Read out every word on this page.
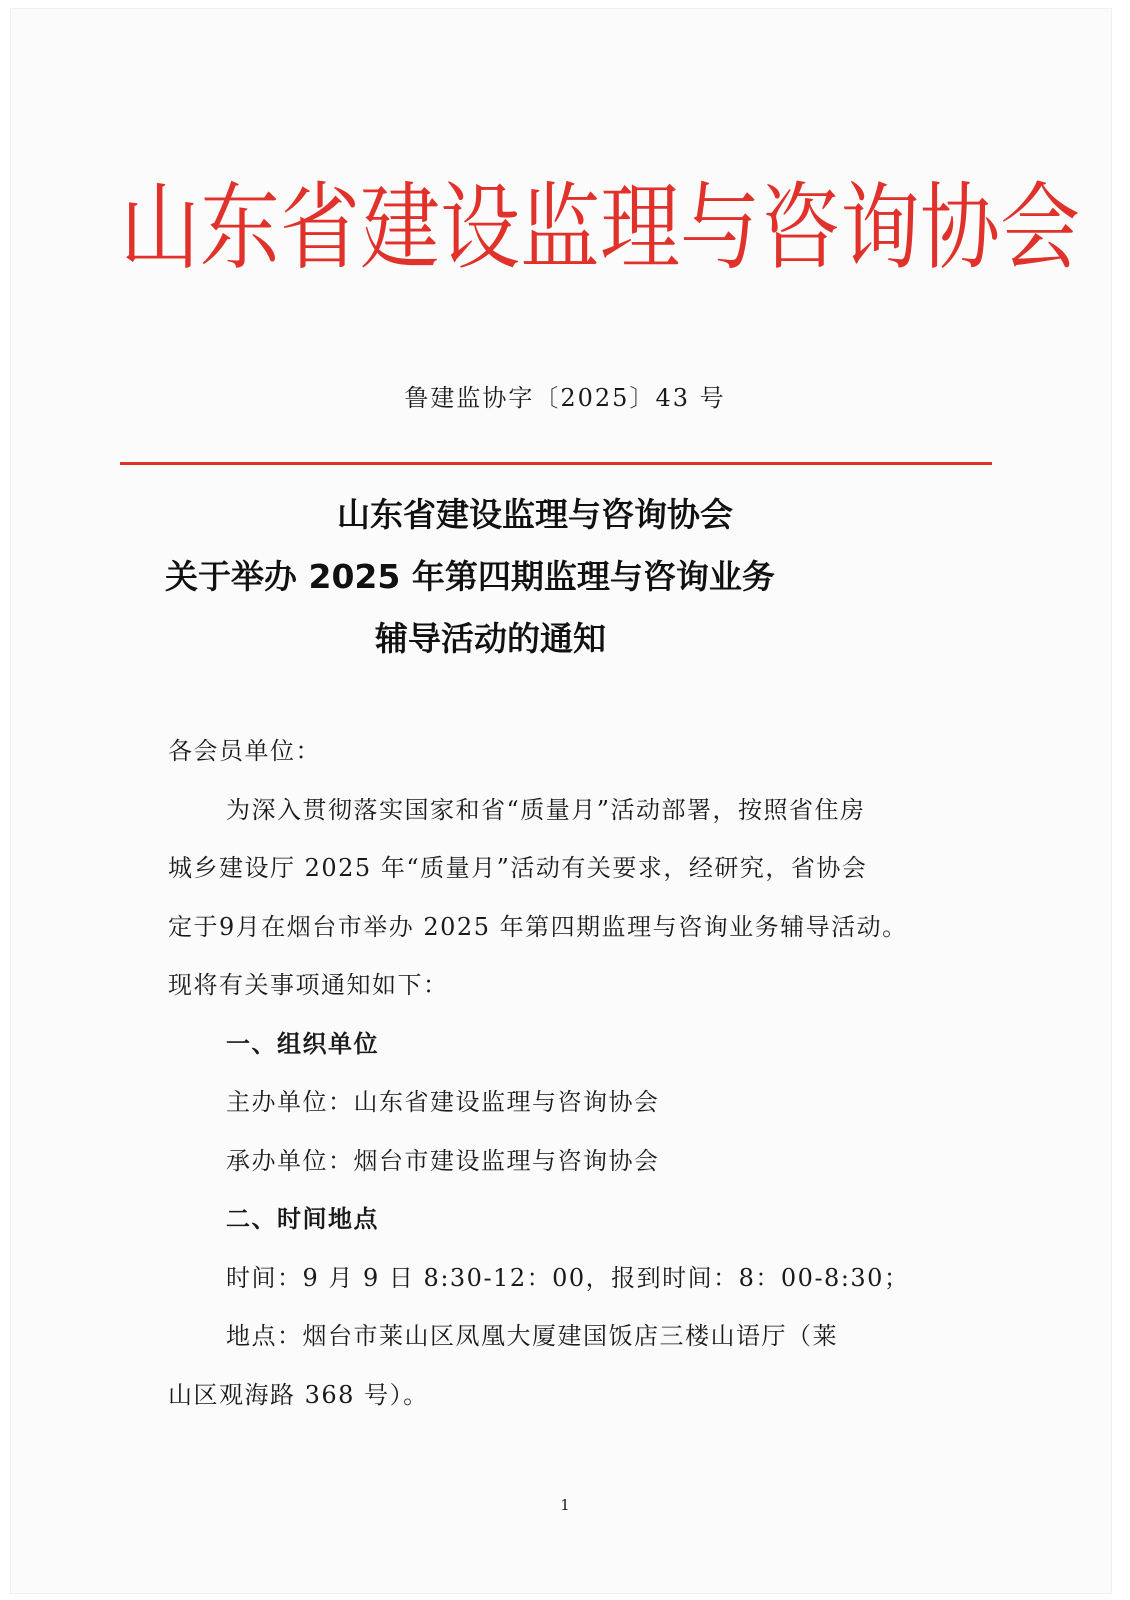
山东省建设监理与咨询协会
鲁建监协字〔2025〕43 号
山东省建设监理与咨询协会
关于举办 2025 年第四期监理与咨询业务
辅导活动的通知

各会员单位：

为深入贯彻落实国家和省“质量月”活动部署，按照省住房

城乡建设厅 2025 年“质量月”活动有关要求，经研究，省协会

定于9月在烟台市举办 2025 年第四期监理与咨询业务辅导活动。

现将有关事项通知如下：

一、组织单位

主办单位：山东省建设监理与咨询协会

承办单位：烟台市建设监理与咨询协会

二、时间地点

时间：9 月 9 日 8:30-12：00，报到时间：8：00-8:30；

地点：烟台市莱山区凤凰大厦建国饭店三楼山语厅（莱

山区观海路 368 号）。

1
